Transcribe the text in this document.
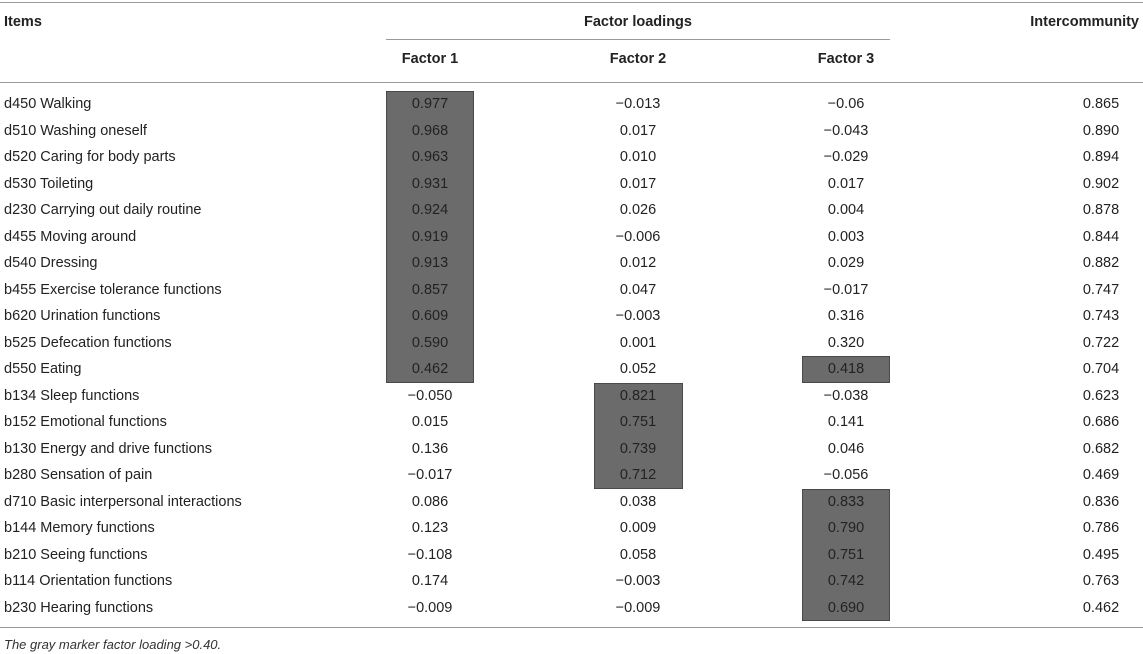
Items	Factor loadings	Intercommunity
Factor 1	Factor 2	Factor 3
d450 Walking	0.977	−0.013	−0.06	0.865
d510 Washing oneself	0.968	0.017	−0.043	0.890
d520 Caring for body parts	0.963	0.010	−0.029	0.894
d530 Toileting	0.931	0.017	0.017	0.902
d230 Carrying out daily routine	0.924	0.026	0.004	0.878
d455 Moving around	0.919	−0.006	0.003	0.844
d540 Dressing	0.913	0.012	0.029	0.882
b455 Exercise tolerance functions	0.857	0.047	−0.017	0.747
b620 Urination functions	0.609	−0.003	0.316	0.743
b525 Defecation functions	0.590	0.001	0.320	0.722
d550 Eating	0.462	0.052	0.418	0.704
b134 Sleep functions	−0.050	0.821	−0.038	0.623
b152 Emotional functions	0.015	0.751	0.141	0.686
b130 Energy and drive functions	0.136	0.739	0.046	0.682
b280 Sensation of pain	−0.017	0.712	−0.056	0.469
d710 Basic interpersonal interactions	0.086	0.038	0.833	0.836
b144 Memory functions	0.123	0.009	0.790	0.786
b210 Seeing functions	−0.108	0.058	0.751	0.495
b114 Orientation functions	0.174	−0.003	0.742	0.763
b230 Hearing functions	−0.009	−0.009	0.690	0.462
The gray marker factor loading >0.40.
